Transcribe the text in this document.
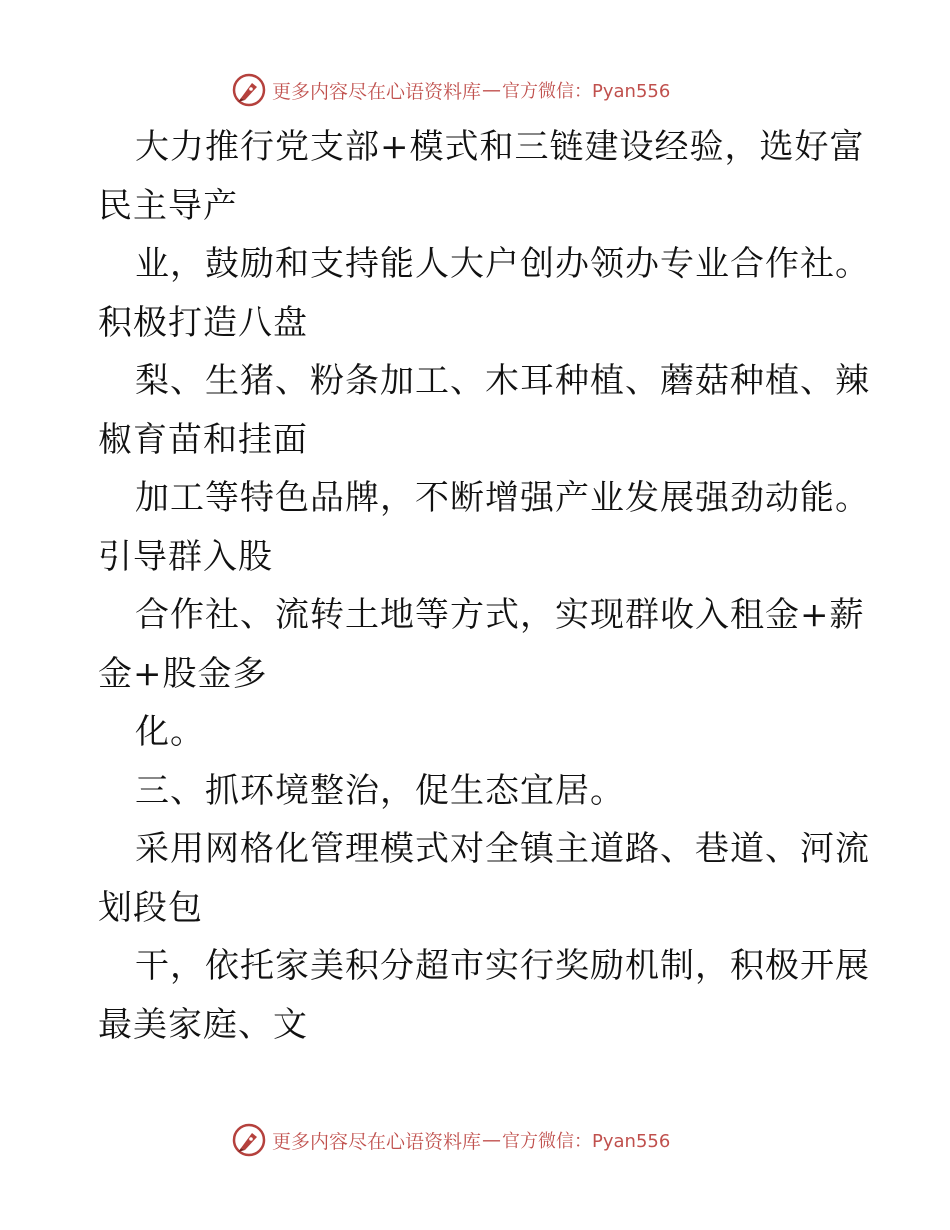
更多内容尽在心语资料库 — 官方微信：Pyan556
大力推行党支部+模式和三链建设经验，选好富
民主导产
业，鼓励和支持能人大户创办领办专业合作社。
积极打造八盘
梨、生猪、粉条加工、木耳种植、蘑菇种植、辣
椒育苗和挂面
加工等特色品牌，不断增强产业发展强劲动能。
引导群入股
合作社、流转土地等方式，实现群收入租金+薪
金+股金多
化。
三、抓环境整治，促生态宜居。
采用网格化管理模式对全镇主道路、巷道、河流
划段包
干，依托家美积分超市实行奖励机制，积极开展
最美家庭、文
更多内容尽在心语资料库 — 官方微信：Pyan556
